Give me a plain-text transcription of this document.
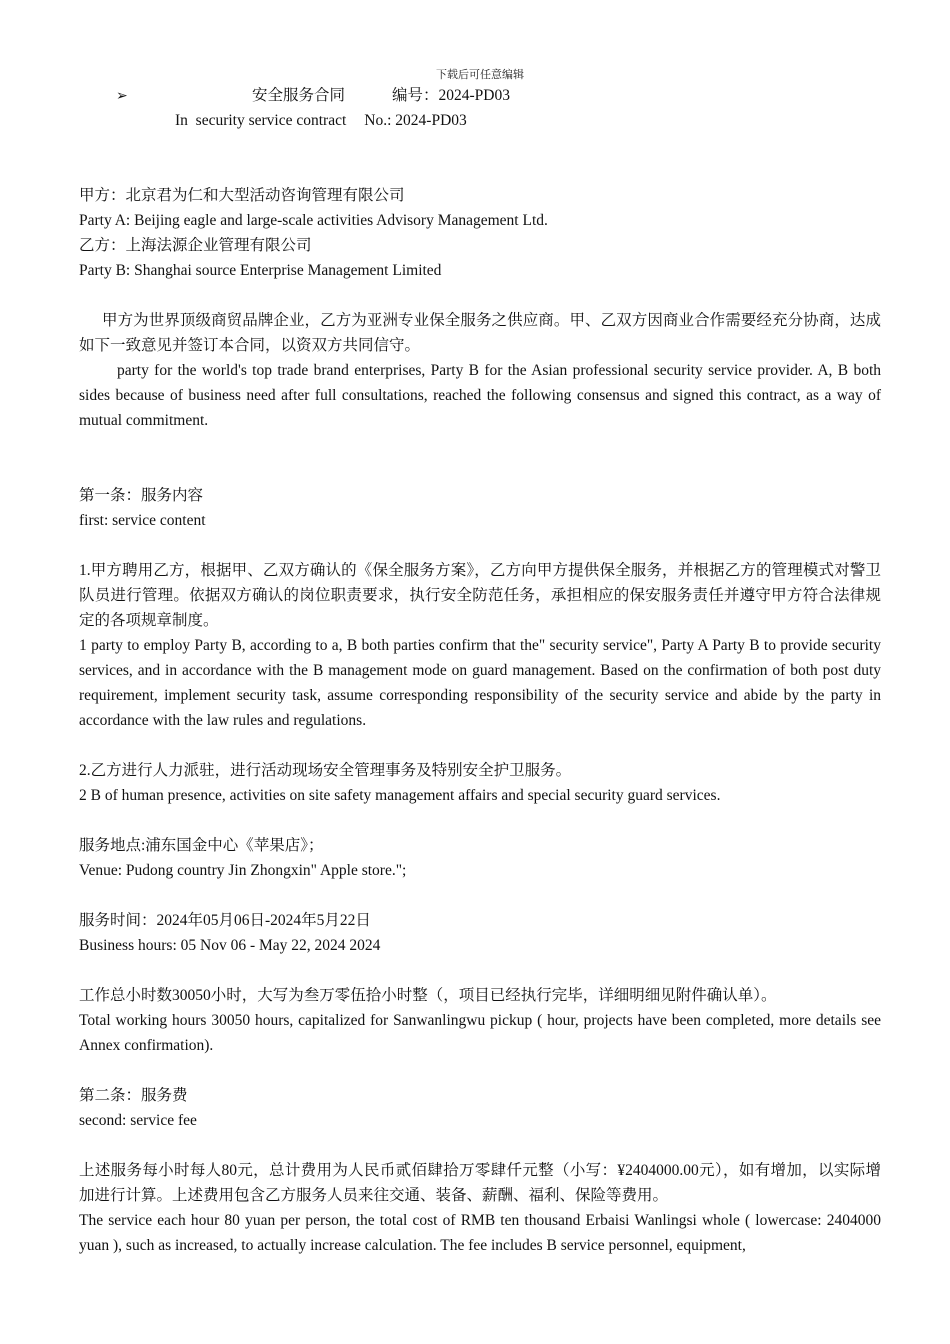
下载后可任意编辑
➢	安全服务合同	编号：2024-PD03
In  security service contract No.: 2024-PD03

甲方：北京君为仁和大型活动咨询管理有限公司

Party A: Beijing eagle and large-scale activities Advisory Management Ltd.

乙方：上海法源企业管理有限公司

Party B: Shanghai source Enterprise Management Limited

甲方为世界顶级商贸品牌企业，乙方为亚洲专业保全服务之供应商。甲、乙双方因商业合作需要经充分协商，达成如下一致意见并签订本合同，以资双方共同信守。

party for the world's top trade brand enterprises, Party B for the Asian professional security service provider. A, B both sides because of business need after full consultations, reached the following consensus and signed this contract, as a way of mutual commitment.

第一条：服务内容

first: service content

1.甲方聘用乙方，根据甲、乙双方确认的《保全服务方案》，乙方向甲方提供保全服务，并根据乙方的管理模式对警卫队员进行管理。依据双方确认的岗位职责要求，执行安全防范任务，承担相应的保安服务责任并遵守甲方符合法律规定的各项规章制度。

1 party to employ Party B, according to a, B both parties confirm that the" security service", Party A Party B to provide security services, and in accordance with the B management mode on guard management. Based on the confirmation of both post duty requirement, implement security task, assume corresponding responsibility of the security service and abide by the party in accordance with the law rules and regulations.

2.乙方进行人力派驻，进行活动现场安全管理事务及特别安全护卫服务。

2 B of human presence, activities on site safety management affairs and special security guard services.

服务地点:浦东国金中心《苹果店》；

Venue: Pudong country Jin Zhongxin" Apple store.";

服务时间：2024年05月06日-2024年5月22日

Business hours: 05 Nov 06 - May 22, 2024 2024

工作总小时数30050小时，大写为叁万零伍拾小时整（，项目已经执行完毕，详细明细见附件确认单）。

Total working hours 30050 hours, capitalized for Sanwanlingwu pickup ( hour, projects have been completed, more details see Annex confirmation).

第二条：服务费

second: service fee

上述服务每小时每人80元，总计费用为人民币贰佰肆拾万零肆仟元整（小写：¥2404000.00元），如有增加，以实际增加进行计算。上述费用包含乙方服务人员来往交通、装备、薪酬、福利、保险等费用。

The service each hour 80 yuan per person, the total cost of RMB ten thousand Erbaisi Wanlingsi whole ( lowercase: 2404000 yuan ), such as increased, to actually increase calculation. The fee includes B service personnel, equipment,
